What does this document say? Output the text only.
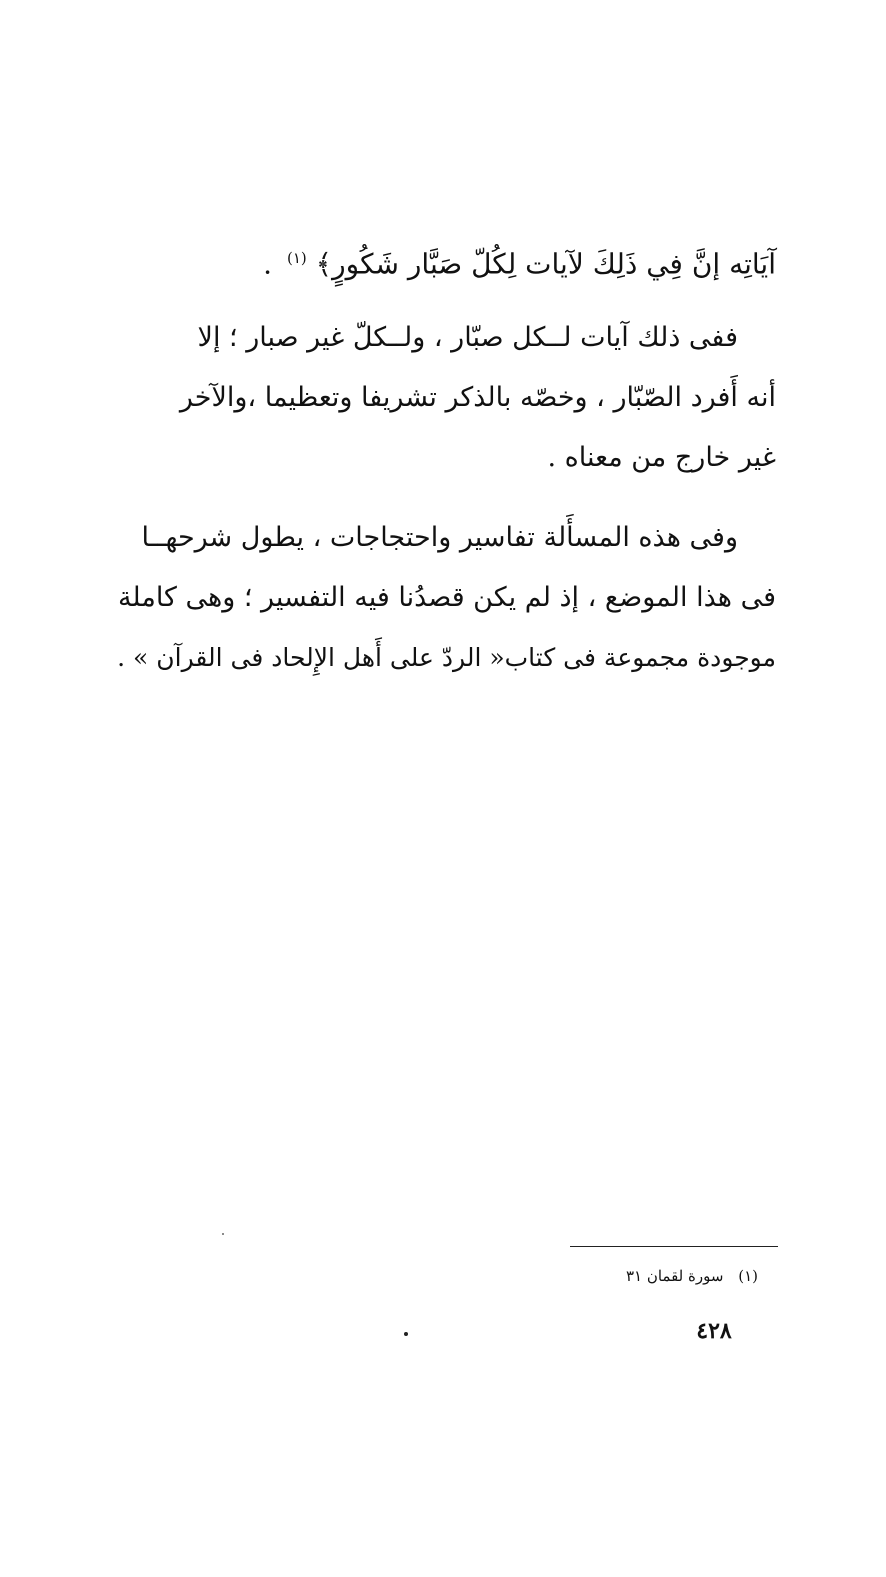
آيَاتِه إنَّ فِي ذَلِكَ لآيات لِكُلّ صَبَّار شَكُورٍ﴾ $^{(١)}$ .
ففى ذلك آيات لــكل صبّار ، ولــكلّ غير صبار ؛ إلا
أنه أَفرد الصّبّار ، وخصّه بالذكر تشريفا وتعظيما ،والآخر
غير خارج من معناه .
وفى هذه المسأَلة تفاسير واحتجاجات ، يطول شرحهــا
فى هذا الموضع ، إذ لم يكن قصدُنا فيه التفسير ؛ وهى كاملة
موجودة مجموعة فى كتاب« الردّ على أَهل الإِلحاد فى القرآن » .
(١) سورة لقمان ٣١
٤٢٨
